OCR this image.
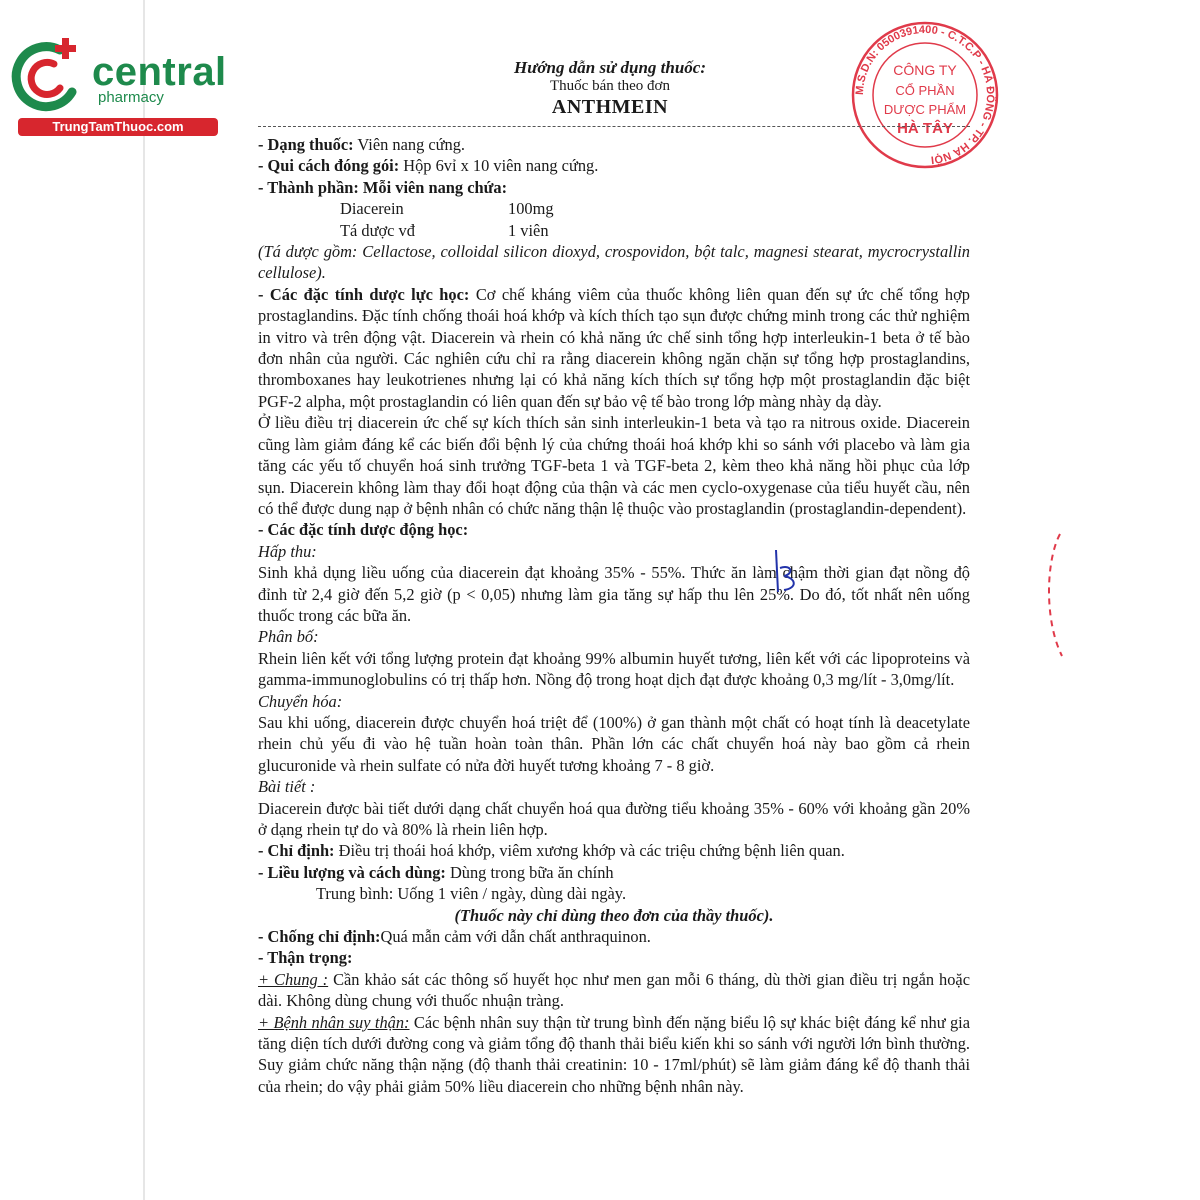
central
pharmacy
TrungTamThuoc.com
M.S.D.N: 0500391400 - C.T.C.P - HÀ ĐÔNG - TP. HÀ NỘI
CÔNG TY
CỔ PHẦN
DƯỢC PHẨM
HÀ TÂY
Hướng dẫn sử dụng thuốc:
Thuốc bán theo đơn
ANTHMEIN

- Dạng thuốc: Viên nang cứng.

- Qui cách đóng gói: Hộp 6vỉ x 10 viên nang cứng.

- Thành phần: Mỗi viên nang chứa:

Diacerein	100mg
Tá dược vđ	1 viên

(Tá dược gồm: Cellactose, colloidal silicon dioxyd, crospovidon, bột talc, magnesi stearat, mycrocrystallin cellulose).

- Các đặc tính dược lực học: Cơ chế kháng viêm của thuốc không liên quan đến sự ức chế tổng hợp prostaglandins. Đặc tính chống thoái hoá khớp và kích thích tạo sụn được chứng minh trong các thử nghiệm in vitro và trên động vật. Diacerein và rhein có khả năng ức chế sinh tổng hợp interleukin-1 beta ở tế bào đơn nhân của người. Các nghiên cứu chỉ ra rằng diacerein không ngăn chặn sự tổng hợp prostaglandins, thromboxanes hay leukotrienes nhưng lại có khả năng kích thích sự tổng hợp một prostaglandin đặc biệt PGF-2 alpha, một prostaglandin có liên quan đến sự bảo vệ tế bào trong lớp màng nhày dạ dày.

Ở liều điều trị diacerein ức chế sự kích thích sản sinh interleukin-1 beta và tạo ra nitrous oxide. Diacerein cũng làm giảm đáng kể các biến đổi bệnh lý của chứng thoái hoá khớp khi so sánh với placebo và làm gia tăng các yếu tố chuyển hoá sinh trưởng TGF-beta 1 và TGF-beta 2, kèm theo khả năng hồi phục của lớp sụn. Diacerein không làm thay đổi hoạt động của thận và các men cyclo-oxygenase của tiểu huyết cầu, nên có thể được dung nạp ở bệnh nhân có chức năng thận lệ thuộc vào prostaglandin (prostaglandin-dependent).

- Các đặc tính dược động học:

Hấp thu:

Sinh khả dụng liều uống của diacerein đạt khoảng 35% - 55%. Thức ăn làm chậm thời gian đạt nồng độ đỉnh từ 2,4 giờ đến 5,2 giờ (p < 0,05) nhưng làm gia tăng sự hấp thu lên 25%. Do đó, tốt nhất nên uống thuốc trong các bữa ăn.

Phân bố:

Rhein liên kết với tổng lượng protein đạt khoảng 99% albumin huyết tương, liên kết với các lipoproteins và gamma-immunoglobulins có trị thấp hơn. Nồng độ trong hoạt dịch đạt được khoảng 0,3 mg/lít - 3,0mg/lít.

Chuyển hóa:

Sau khi uống, diacerein được chuyển hoá triệt để (100%) ở gan thành một chất có hoạt tính là deacetylate rhein chủ yếu đi vào hệ tuần hoàn toàn thân. Phần lớn các chất chuyển hoá này bao gồm cả rhein glucuronide và rhein sulfate có nửa đời huyết tương khoảng 7 - 8 giờ.

Bài tiết :

Diacerein được bài tiết dưới dạng chất chuyển hoá qua đường tiểu khoảng 35% - 60% với khoảng gần 20% ở dạng rhein tự do và 80% là rhein liên hợp.

- Chỉ định: Điều trị thoái hoá khớp, viêm xương khớp và các triệu chứng bệnh liên quan.

- Liều lượng và cách dùng: Dùng trong bữa ăn chính

Trung bình: Uống 1 viên / ngày, dùng dài ngày.

(Thuốc này chỉ dùng theo đơn của thầy thuốc).

- Chống chỉ định:Quá mẫn cảm với dẫn chất anthraquinon.

- Thận trọng:

+ Chung : Cần khảo sát các thông số huyết học như men gan mỗi 6 tháng, dù thời gian điều trị ngắn hoặc dài. Không dùng chung với thuốc nhuận tràng.

+ Bệnh nhân suy thận: Các bệnh nhân suy thận từ trung bình đến nặng biểu lộ sự khác biệt đáng kể như gia tăng diện tích dưới đường cong và giảm tổng độ thanh thải biểu kiến khi so sánh với người lớn bình thường. Suy giảm chức năng thận nặng (độ thanh thải creatinin: 10 - 17ml/phút) sẽ làm giảm đáng kể độ thanh thải của rhein; do vậy phải giảm 50% liều diacerein cho những bệnh nhân này.
